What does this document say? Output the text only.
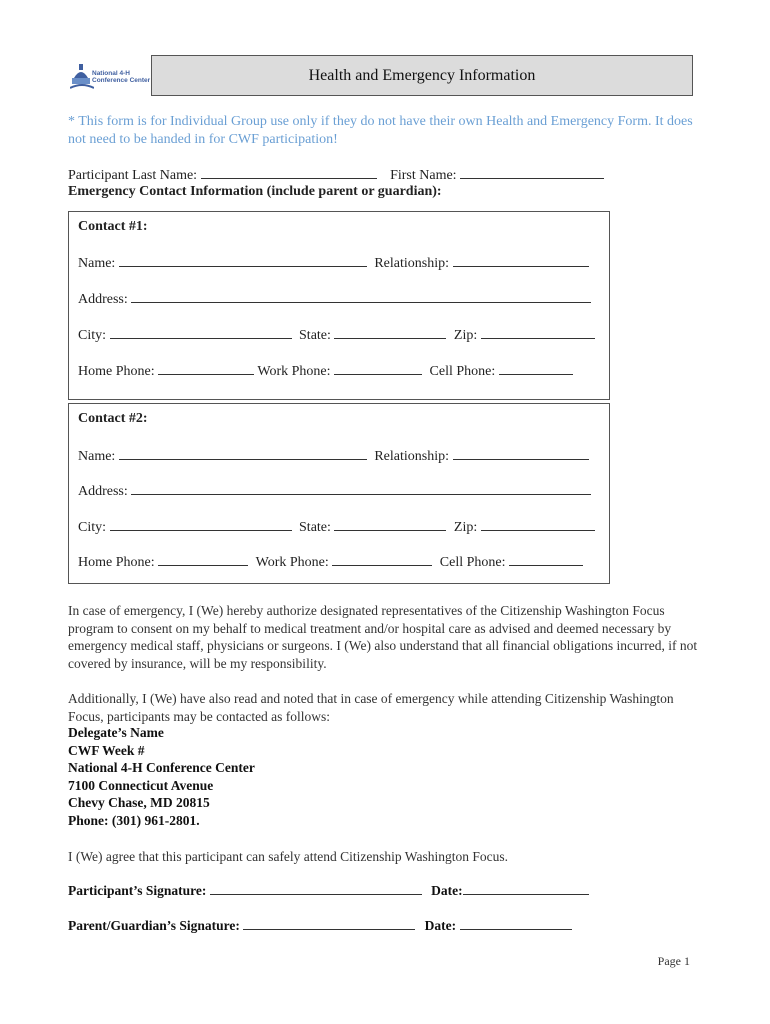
National 4-H
Conference Center	Health and Emergency Information
* This form is for Individual Group use only if they do not have their own Health and Emergency Form. It does not need to be handed in for CWF participation!
Participant Last Name:	First Name:
Emergency Contact Information (include parent or guardian):
Contact #1:
Name:	Relationship:
Address:
City:	State:	Zip:
Home Phone:	Work Phone:	Cell Phone:
Contact #2:
Name:	Relationship:
Address:
City:	State:	Zip:
Home Phone:	Work Phone:	Cell Phone:
In case of emergency, I (We) hereby authorize designated representatives of the Citizenship Washington Focus program to consent on my behalf to medical treatment and/or hospital care as advised and deemed necessary by emergency medical staff, physicians or surgeons. I (We) also understand that all financial obligations incurred, if not covered by insurance, will be my responsibility.
Additionally, I (We) have also read and noted that in case of emergency while attending Citizenship Washington Focus, participants may be contacted as follows:
Delegate’s Name
CWF Week #
National 4-H Conference Center
7100 Connecticut Avenue
Chevy Chase, MD 20815
Phone: (301) 961-2801.
I (We) agree that this participant can safely attend Citizenship Washington Focus.
Participant’s Signature:	Date:
Parent/Guardian’s Signature:	Date:
Page 1
